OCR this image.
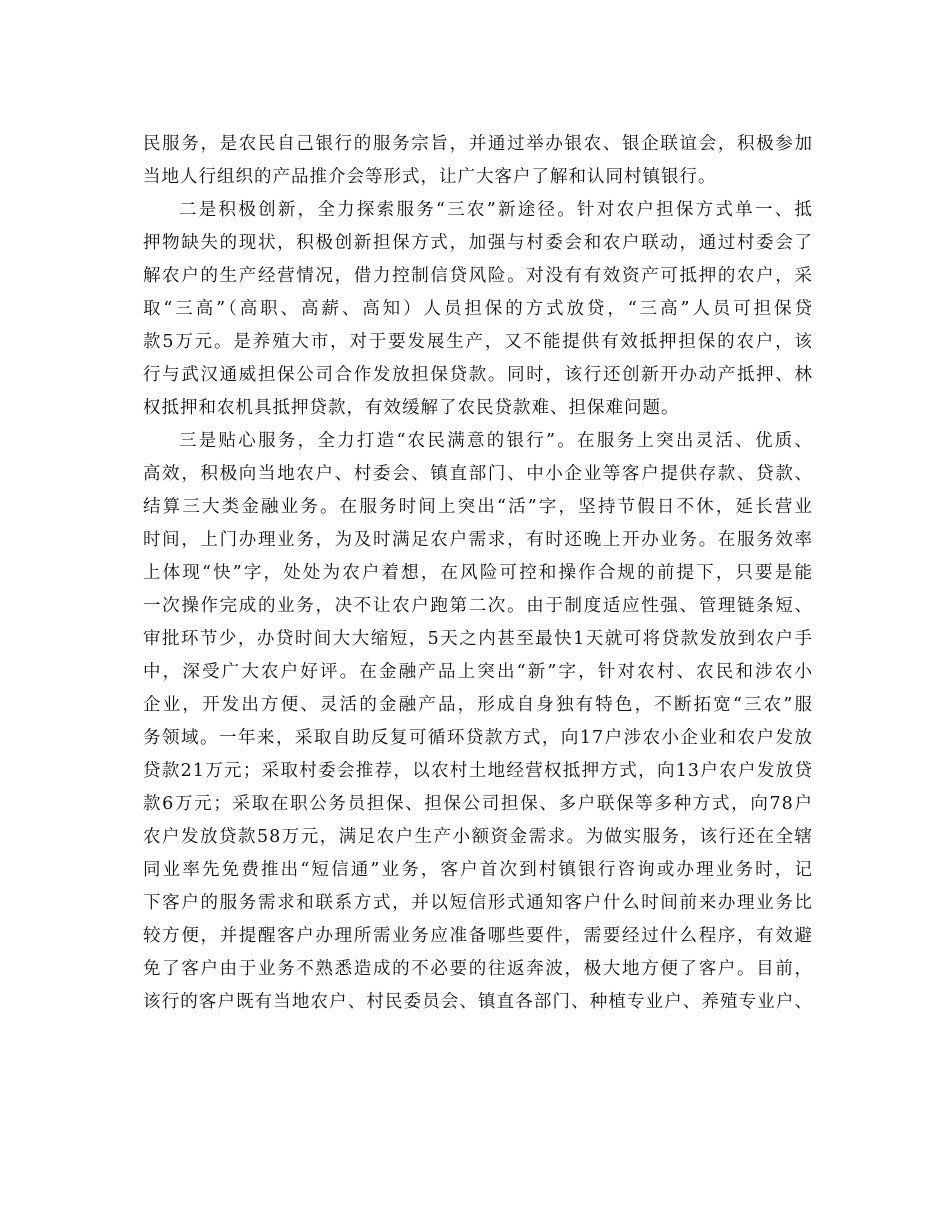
民服务，是农民自己银行的服务宗旨，并通过举办银农、银企联谊会，积极参加
当地人行组织的产品推介会等形式，让广大客户了解和认同村镇银行。

二是积极创新，全力探索服务“三农”新途径。针对农户担保方式单一、抵
押物缺失的现状，积极创新担保方式，加强与村委会和农户联动，通过村委会了
解农户的生产经营情况，借力控制信贷风险。对没有有效资产可抵押的农户，采
取“三高”（高职、高薪、高知）人员担保的方式放贷，“三高”人员可担保贷
款5万元。是养殖大市，对于要发展生产，又不能提供有效抵押担保的农户，该
行与武汉通威担保公司合作发放担保贷款。同时，该行还创新开办动产抵押、林
权抵押和农机具抵押贷款，有效缓解了农民贷款难、担保难问题。

三是贴心服务，全力打造“农民满意的银行”。在服务上突出灵活、优质、
高效，积极向当地农户、村委会、镇直部门、中小企业等客户提供存款、贷款、
结算三大类金融业务。在服务时间上突出“活”字，坚持节假日不休，延长营业
时间，上门办理业务，为及时满足农户需求，有时还晚上开办业务。在服务效率
上体现“快”字，处处为农户着想，在风险可控和操作合规的前提下，只要是能
一次操作完成的业务，决不让农户跑第二次。由于制度适应性强、管理链条短、
审批环节少，办贷时间大大缩短，5天之内甚至最快1天就可将贷款发放到农户手
中，深受广大农户好评。在金融产品上突出“新”字，针对农村、农民和涉农小
企业，开发出方便、灵活的金融产品，形成自身独有特色，不断拓宽“三农”服
务领域。一年来，采取自助反复可循环贷款方式，向17户涉农小企业和农户发放
贷款21万元；采取村委会推荐，以农村土地经营权抵押方式，向13户农户发放贷
款6万元；采取在职公务员担保、担保公司担保、多户联保等多种方式，向78户
农户发放贷款58万元，满足农户生产小额资金需求。为做实服务，该行还在全辖
同业率先免费推出“短信通”业务，客户首次到村镇银行咨询或办理业务时，记
下客户的服务需求和联系方式，并以短信形式通知客户什么时间前来办理业务比
较方便，并提醒客户办理所需业务应准备哪些要件，需要经过什么程序，有效避
免了客户由于业务不熟悉造成的不必要的往返奔波，极大地方便了客户。目前，
该行的客户既有当地农户、村民委员会、镇直各部门、种植专业户、养殖专业户、
